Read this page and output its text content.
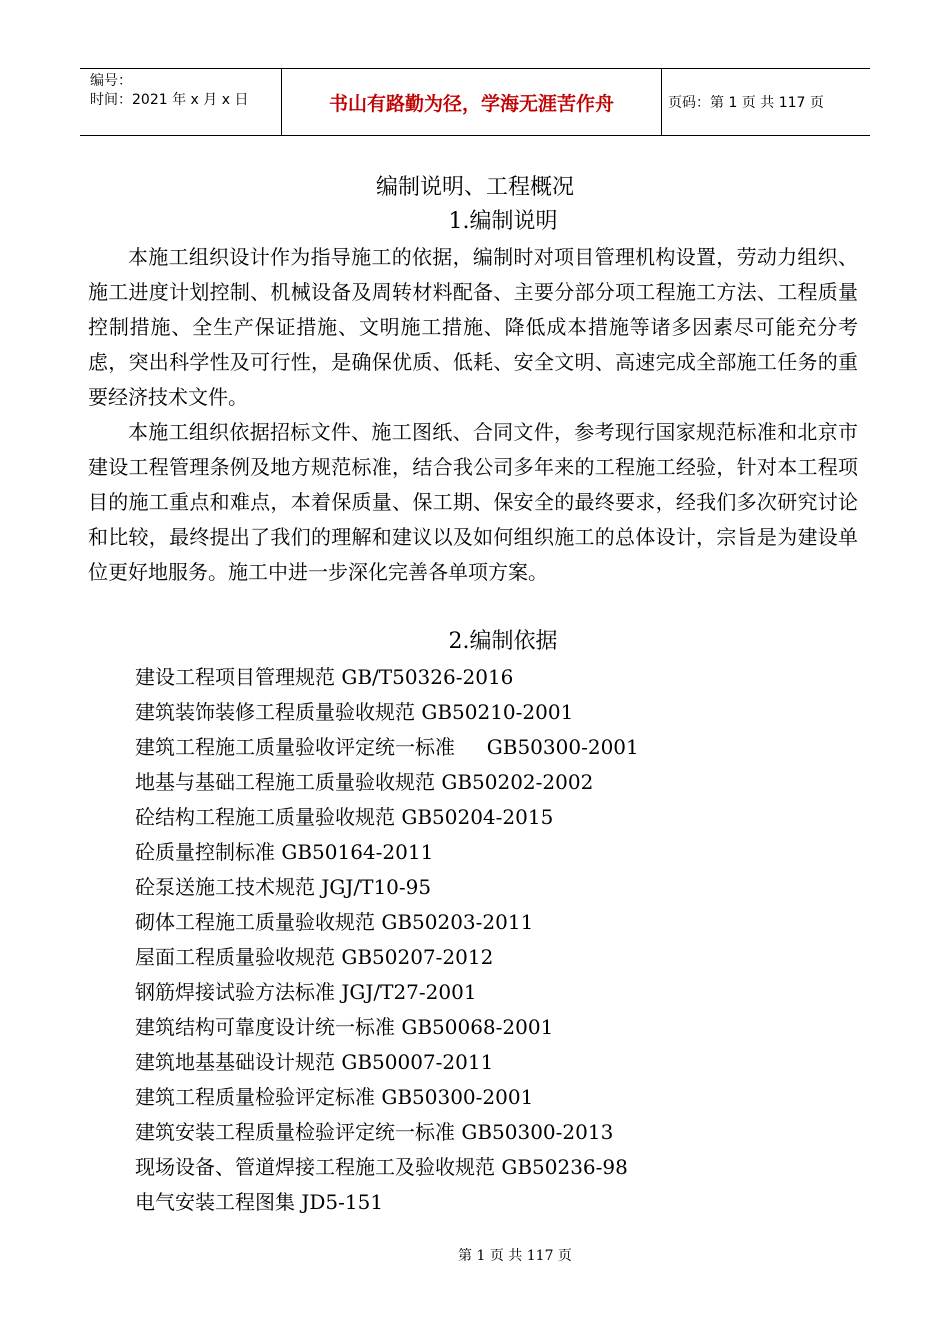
编号：
时间：2021 年 x 月 x 日	书山有路勤为径，学海无涯苦作舟	页码：第 1 页 共 117 页
编制说明、工程概况
1.编制说明

本施工组织设计作为指导施工的依据，编制时对项目管理机构设置，劳动力组织、施工进度计划控制、机械设备及周转材料配备、主要分部分项工程施工方法、工程质量控制措施、全生产保证措施、文明施工措施、降低成本措施等诸多因素尽可能充分考虑，突出科学性及可行性，是确保优质、低耗、安全文明、高速完成全部施工任务的重要经济技术文件。

本施工组织依据招标文件、施工图纸、合同文件，参考现行国家规范标准和北京市建设工程管理条例及地方规范标准，结合我公司多年来的工程施工经验，针对本工程项目的施工重点和难点，本着保质量、保工期、保安全的最终要求，经我们多次研究讨论和比较，最终提出了我们的理解和建议以及如何组织施工的总体设计，宗旨是为建设单位更好地服务。施工中进一步深化完善各单项方案。

2.编制依据
建设工程项目管理规范 GB/T50326-2016
建筑装饰装修工程质量验收规范 GB50210-2001
建筑工程施工质量验收评定统一标准     GB50300-2001
地基与基础工程施工质量验收规范 GB50202-2002
砼结构工程施工质量验收规范 GB50204-2015
砼质量控制标准 GB50164-2011
砼泵送施工技术规范 JGJ/T10-95
砌体工程施工质量验收规范 GB50203-2011
屋面工程质量验收规范 GB50207-2012
钢筋焊接试验方法标准 JGJ/T27-2001
建筑结构可靠度设计统一标准 GB50068-2001
建筑地基基础设计规范 GB50007-2011
建筑工程质量检验评定标准 GB50300-2001
建筑安装工程质量检验评定统一标准 GB50300-2013
现场设备、管道焊接工程施工及验收规范 GB50236-98
电气安装工程图集 JD5-151
第 1 页 共 117 页
